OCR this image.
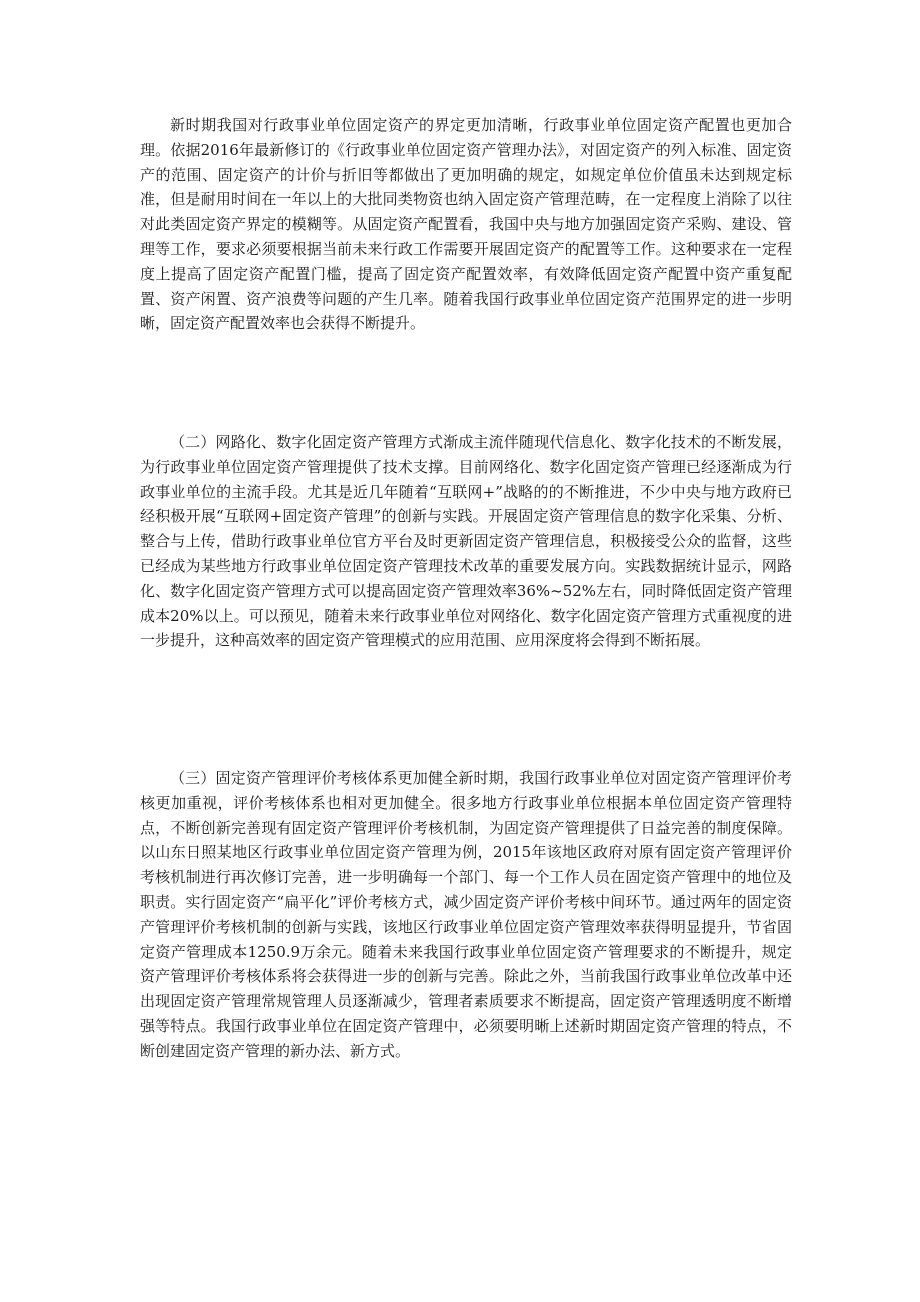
新时期我国对行政事业单位固定资产的界定更加清晰，行政事业单位固定资产配置也更加合理。依据2016年最新修订的《行政事业单位固定资产管理办法》，对固定资产的列入标准、固定资产的范围、固定资产的计价与折旧等都做出了更加明确的规定，如规定单位价值虽未达到规定标准，但是耐用时间在一年以上的大批同类物资也纳入固定资产管理范畴，在一定程度上消除了以往对此类固定资产界定的模糊等。从固定资产配置看，我国中央与地方加强固定资产采购、建设、管理等工作，要求必须要根据当前未来行政工作需要开展固定资产的配置等工作。这种要求在一定程度上提高了固定资产配置门槛，提高了固定资产配置效率，有效降低固定资产配置中资产重复配置、资产闲置、资产浪费等问题的产生几率。随着我国行政事业单位固定资产范围界定的进一步明晰，固定资产配置效率也会获得不断提升。

（二）网路化、数字化固定资产管理方式渐成主流伴随现代信息化、数字化技术的不断发展，为行政事业单位固定资产管理提供了技术支撑。目前网络化、数字化固定资产管理已经逐渐成为行政事业单位的主流手段。尤其是近几年随着“互联网+”战略的的不断推进，不少中央与地方政府已经积极开展“互联网+固定资产管理”的创新与实践。开展固定资产管理信息的数字化采集、分析、整合与上传，借助行政事业单位官方平台及时更新固定资产管理信息，积极接受公众的监督，这些已经成为某些地方行政事业单位固定资产管理技术改革的重要发展方向。实践数据统计显示，网路化、数字化固定资产管理方式可以提高固定资产管理效率36%~52%左右，同时降低固定资产管理成本20%以上。可以预见，随着未来行政事业单位对网络化、数字化固定资产管理方式重视度的进一步提升，这种高效率的固定资产管理模式的应用范围、应用深度将会得到不断拓展。

（三）固定资产管理评价考核体系更加健全新时期，我国行政事业单位对固定资产管理评价考核更加重视，评价考核体系也相对更加健全。很多地方行政事业单位根据本单位固定资产管理特点，不断创新完善现有固定资产管理评价考核机制，为固定资产管理提供了日益完善的制度保障。以山东日照某地区行政事业单位固定资产管理为例，2015年该地区政府对原有固定资产管理评价考核机制进行再次修订完善，进一步明确每一个部门、每一个工作人员在固定资产管理中的地位及职责。实行固定资产“扁平化”评价考核方式，减少固定资产评价考核中间环节。通过两年的固定资产管理评价考核机制的创新与实践，该地区行政事业单位固定资产管理效率获得明显提升，节省固定资产管理成本1250.9万余元。随着未来我国行政事业单位固定资产管理要求的不断提升，规定资产管理评价考核体系将会获得进一步的创新与完善。除此之外，当前我国行政事业单位改革中还出现固定资产管理常规管理人员逐渐减少，管理者素质要求不断提高，固定资产管理透明度不断增强等特点。我国行政事业单位在固定资产管理中，必须要明晰上述新时期固定资产管理的特点，不断创建固定资产管理的新办法、新方式。
